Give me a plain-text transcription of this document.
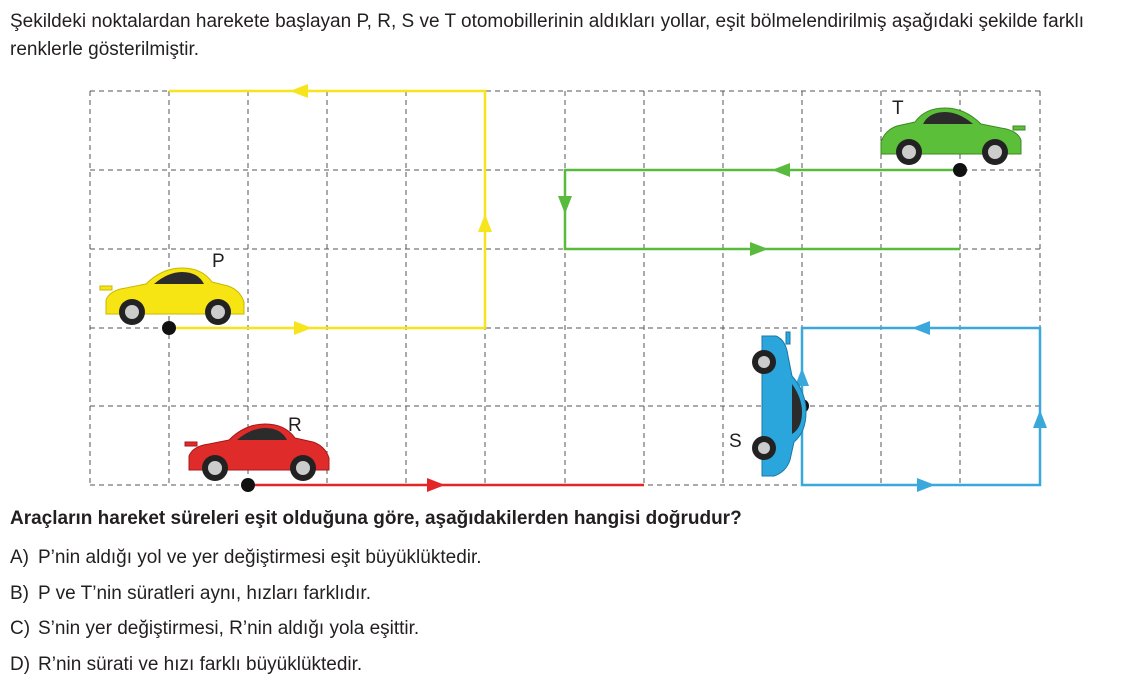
Şekildeki noktalardan harekete başlayan P, R, S ve T otomobillerinin aldıkları yollar, eşit bölmelendirilmiş aşağıdaki şekilde farklı renklerle gösterilmiştir.

P
R
S
T

Araçların hareket süreleri eşit olduğuna göre, aşağıdakilerden hangisi doğrudur?

A) P’nin aldığı yol ve yer değiştirmesi eşit büyüklüktedir.
B) P ve T’nin süratleri aynı, hızları farklıdır.
C) S’nin yer değiştirmesi, R’nin aldığı yola eşittir.
D) R’nin sürati ve hızı farklı büyüklüktedir.
